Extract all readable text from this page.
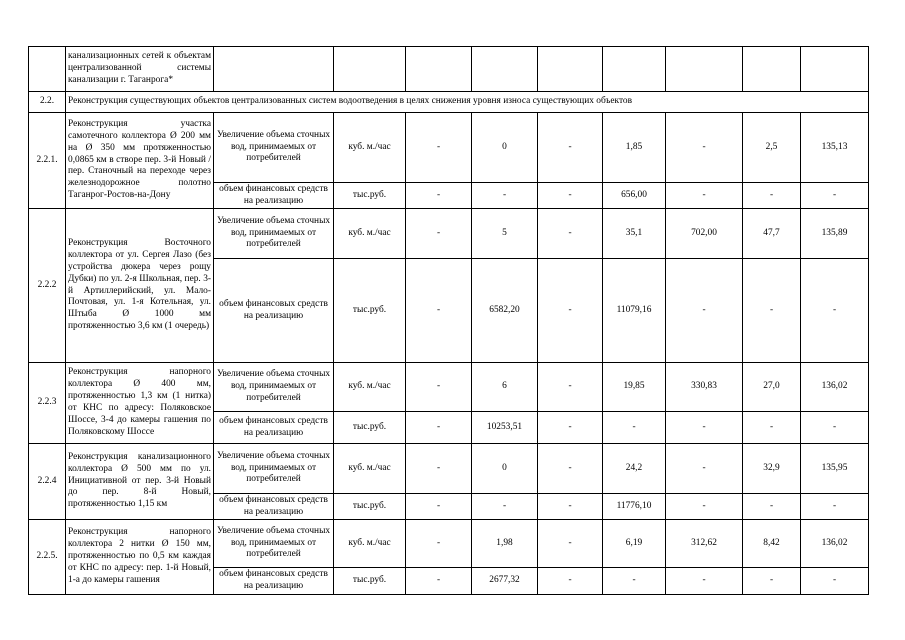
	канализационных сетей к объектам централизованной системы канализации г. Таганрога*									
2.2.	Реконструкция существующих объектов централизованных систем водоотведения в целях снижения уровня износа существующих объектов									
2.2.1.	Реконструкция участка самотечного коллектора Ø 200 мм на Ø 350 мм протяженностью 0,0865 км в створе пер. 3-й Новый /пер. Станочный на переходе через железнодорожное полотно Таганрог-Ростов-на-Дону	Увеличение объема сточных вод, принимаемых от потребителей	куб. м./час	-	0	-	1,85	-	2,5	135,13
		объем финансовых средств на реализацию	тыс.руб.	-	-	-	656,00	-	-	-
2.2.2	Реконструкция Восточного коллектора от ул. Сергея Лазо (без устройства дюкера через рощу Дубки) по ул. 2-я Школьная, пер. 3-й Артиллерийский, ул. Мало-Почтовая, ул. 1-я Котельная, ул. Штыба Ø 1000 мм протяженностью 3,6 км (1 очередь)	Увеличение объема сточных вод, принимаемых от потребителей	куб. м./час	-	5	-	35,1	702,00	47,7	135,89
		объем финансовых средств на реализацию	тыс.руб.	-	6582,20	-	11079,16	-	-	-
2.2.3	Реконструкция напорного коллектора Ø 400 мм, протяженностью 1,3 км (1 нитка) от КНС по адресу: Поляковское Шоссе, 3-4 до камеры гашения по Поляковскому Шоссе	Увеличение объема сточных вод, принимаемых от потребителей	куб. м./час	-	6	-	19,85	330,83	27,0	136,02
		объем финансовых средств на реализацию	тыс.руб.	-	10253,51	-	-	-	-	-
2.2.4	Реконструкция канализационного коллектора Ø 500 мм по ул. Инициативной от пер. 3-й Новый до пер. 8-й Новый, протяженностью 1,15 км	Увеличение объема сточных вод, принимаемых от потребителей	куб. м./час	-	0	-	24,2	-	32,9	135,95
		объем финансовых средств на реализацию	тыс.руб.	-	-	-	11776,10	-	-	-
2.2.5.	Реконструкция напорного коллектора 2 нитки Ø 150 мм, протяженностью по 0,5 км каждая от КНС по адресу: пер. 1-й Новый, 1-а до камеры гашения	Увеличение объема сточных вод, принимаемых от потребителей	куб. м./час	-	1,98	-	6,19	312,62	8,42	136,02
		объем финансовых средств на реализацию	тыс.руб.	-	2677,32	-	-	-	-	-
